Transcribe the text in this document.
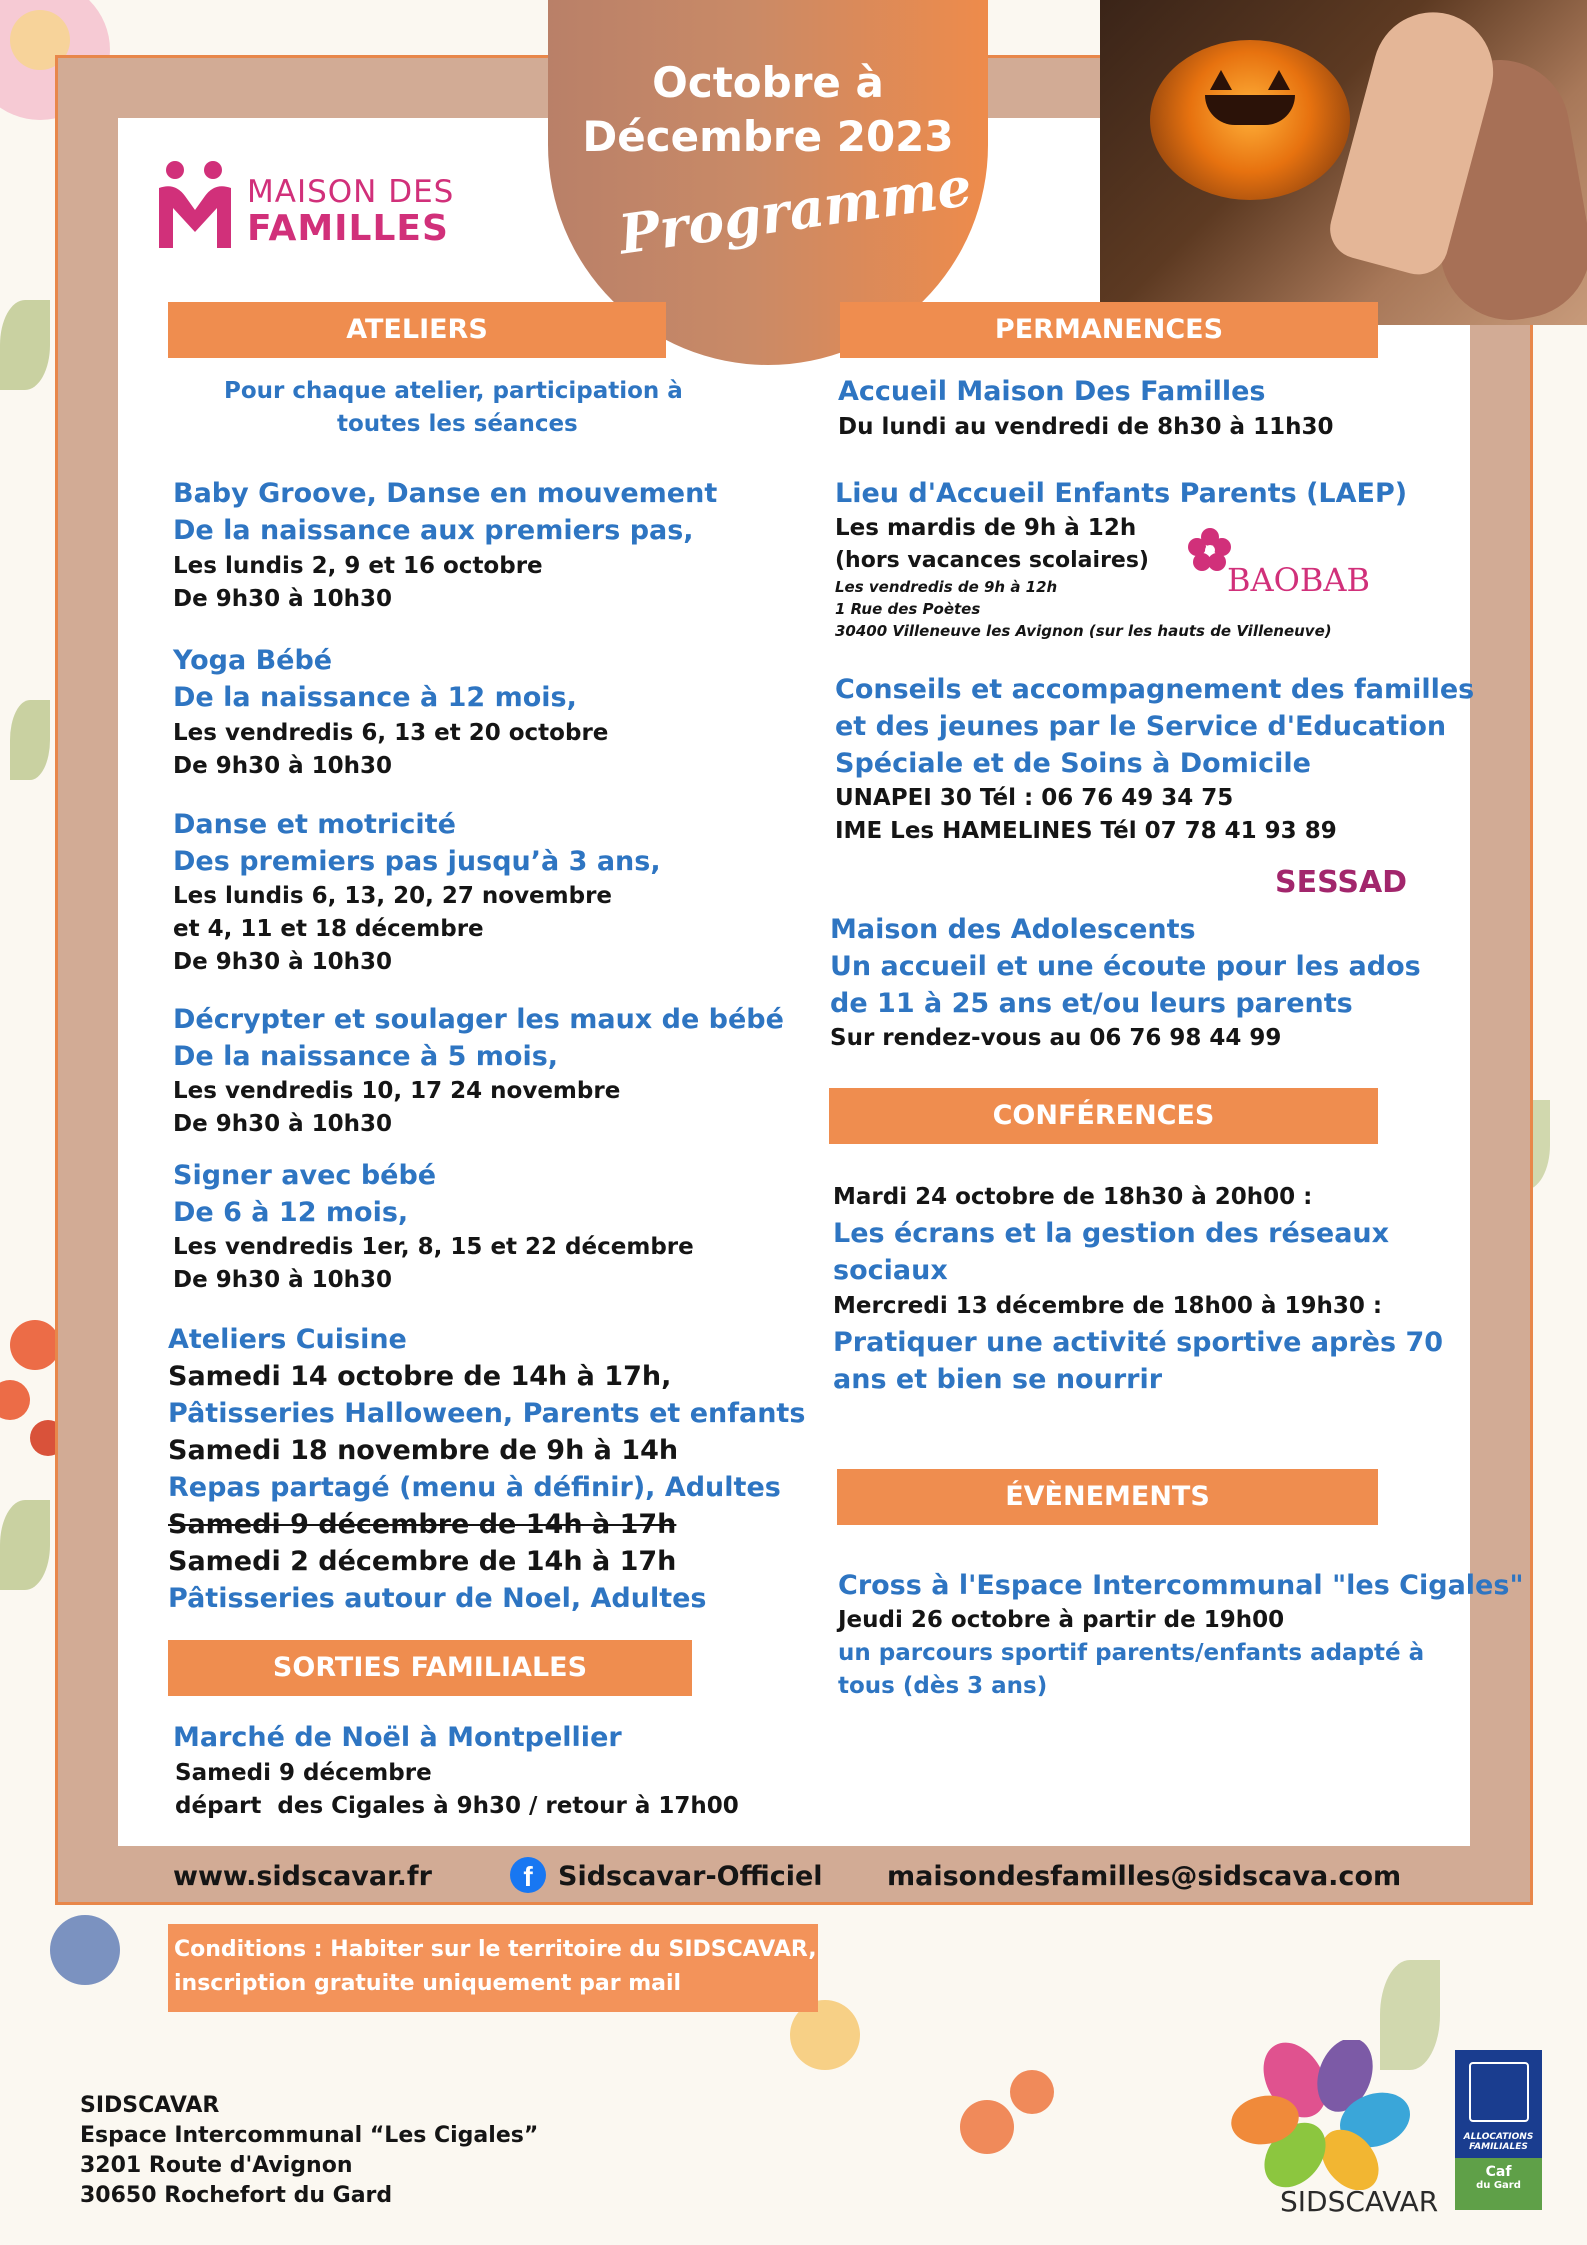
Octobre à
Décembre 2023
Programme
MAISON DES
FAMILLES
ATELIERS	PERMANENCES
SORTIES FAMILIALES
CONFÉRENCES
ÉVÈNEMENTS
Pour chaque atelier, participation à
toutes les séances
Baby Groove, Danse en mouvement
De la naissance aux premiers pas,
Les lundis 2, 9 et 16 octobre
De 9h30 à 10h30
Yoga Bébé
De la naissance à 12 mois,
Les vendredis 6, 13 et 20 octobre
De 9h30 à 10h30
Danse et motricité
Des premiers pas jusqu’à 3 ans,
Les lundis 6, 13, 20, 27 novembre
et 4, 11 et 18 décembre
De 9h30 à 10h30
Décrypter et soulager les maux de bébé
De la naissance à 5 mois,
Les vendredis 10, 17 24 novembre
De 9h30 à 10h30
Signer avec bébé
De 6 à 12 mois,
Les vendredis 1er, 8, 15 et 22 décembre
De 9h30 à 10h30
Ateliers Cuisine
Samedi 14 octobre de 14h à 17h,
Pâtisseries Halloween, Parents et enfants
Samedi 18 novembre de 9h à 14h
Repas partagé (menu à définir), Adultes
Samedi 9 décembre de 14h à 17h
Samedi 2 décembre de 14h à 17h
Pâtisseries autour de Noel, Adultes
Marché de Noël à Montpellier
Samedi 9 décembre
départ  des Cigales à 9h30 / retour à 17h00
Accueil Maison Des Familles
Du lundi au vendredi de 8h30 à 11h30
Lieu d'Accueil Enfants Parents (LAEP)
Les mardis de 9h à 12h
(hors vacances scolaires)
Les vendredis de 9h à 12h
1 Rue des Poètes
30400 Villeneuve les Avignon (sur les hauts de Villeneuve)
BAOBAB
Conseils et accompagnement des familles
et des jeunes par le Service d'Education
Spéciale et de Soins à Domicile
UNAPEI 30 Tél : 06 76 49 34 75
IME Les HAMELINES Tél 07 78 41 93 89
SESSAD
Maison des Adolescents
Un accueil et une écoute pour les ados
de 11 à 25 ans et/ou leurs parents
Sur rendez-vous au 06 76 98 44 99
Mardi 24 octobre de 18h30 à 20h00 :
Les écrans et la gestion des réseaux
sociaux
Mercredi 13 décembre de 18h00 à 19h30 :
Pratiquer une activité sportive après 70
ans et bien se nourrir
Cross à l'Espace Intercommunal "les Cigales"
Jeudi 26 octobre à partir de 19h00
un parcours sportif parents/enfants adapté à
tous (dès 3 ans)
www.sidscavar.fr	f Sidscavar-Officiel maisondesfamilles@sidscava.com
Conditions : Habiter sur le territoire du SIDSCAVAR,
inscription gratuite uniquement par mail
SIDSCAVAR
Espace Intercommunal “Les Cigales”
3201 Route d'Avignon
30650 Rochefort du Gard	SIDSCAVAR
ALLOCATIONS
FAMILIALES
Caf
du Gard
